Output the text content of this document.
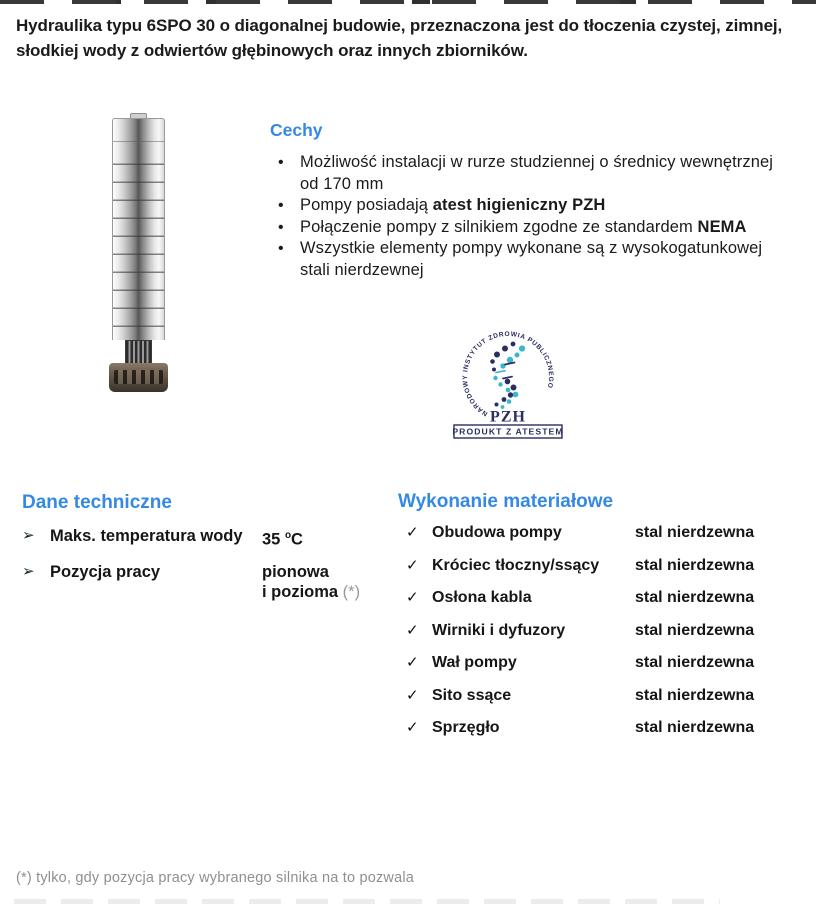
Hydraulika typu 6SPO 30 o diagonalnej budowie, przeznaczona jest do tłoczenia czystej, zimnej, słodkiej wody z odwiertów głębinowych oraz innych zbiorników.

Cechy
• Możliwość instalacji w rurze studziennej o średnicy wewnętrznej
od 170 mm
• Pompy posiadają atest higieniczny PZH
• Połączenie pompy z silnikiem zgodne ze standardem NEMA
• Wszystkie elementy pompy wykonane są z wysokogatunkowej
stali nierdzewnej
NARODOWY INSTYTUT ZDROWIA PUBLICZNEGO
PZH
PRODUKT Z ATESTEM
Dane techniczne
➢ Maks. temperatura wody	35 $^o$C
➢ Pozycja pracy	pionowa
i pozioma (*)
Wykonanie materiałowe
✓ Obudowa pompy	stal nierdzewna
✓ Króciec tłoczny/ssący	stal nierdzewna
✓ Osłona kabla	stal nierdzewna
✓ Wirniki i dyfuzory	stal nierdzewna
✓ Wał pompy	stal nierdzewna
✓ Sito ssące	stal nierdzewna
✓ Sprzęgło	stal nierdzewna

(*) tylko, gdy pozycja pracy wybranego silnika na to pozwala
